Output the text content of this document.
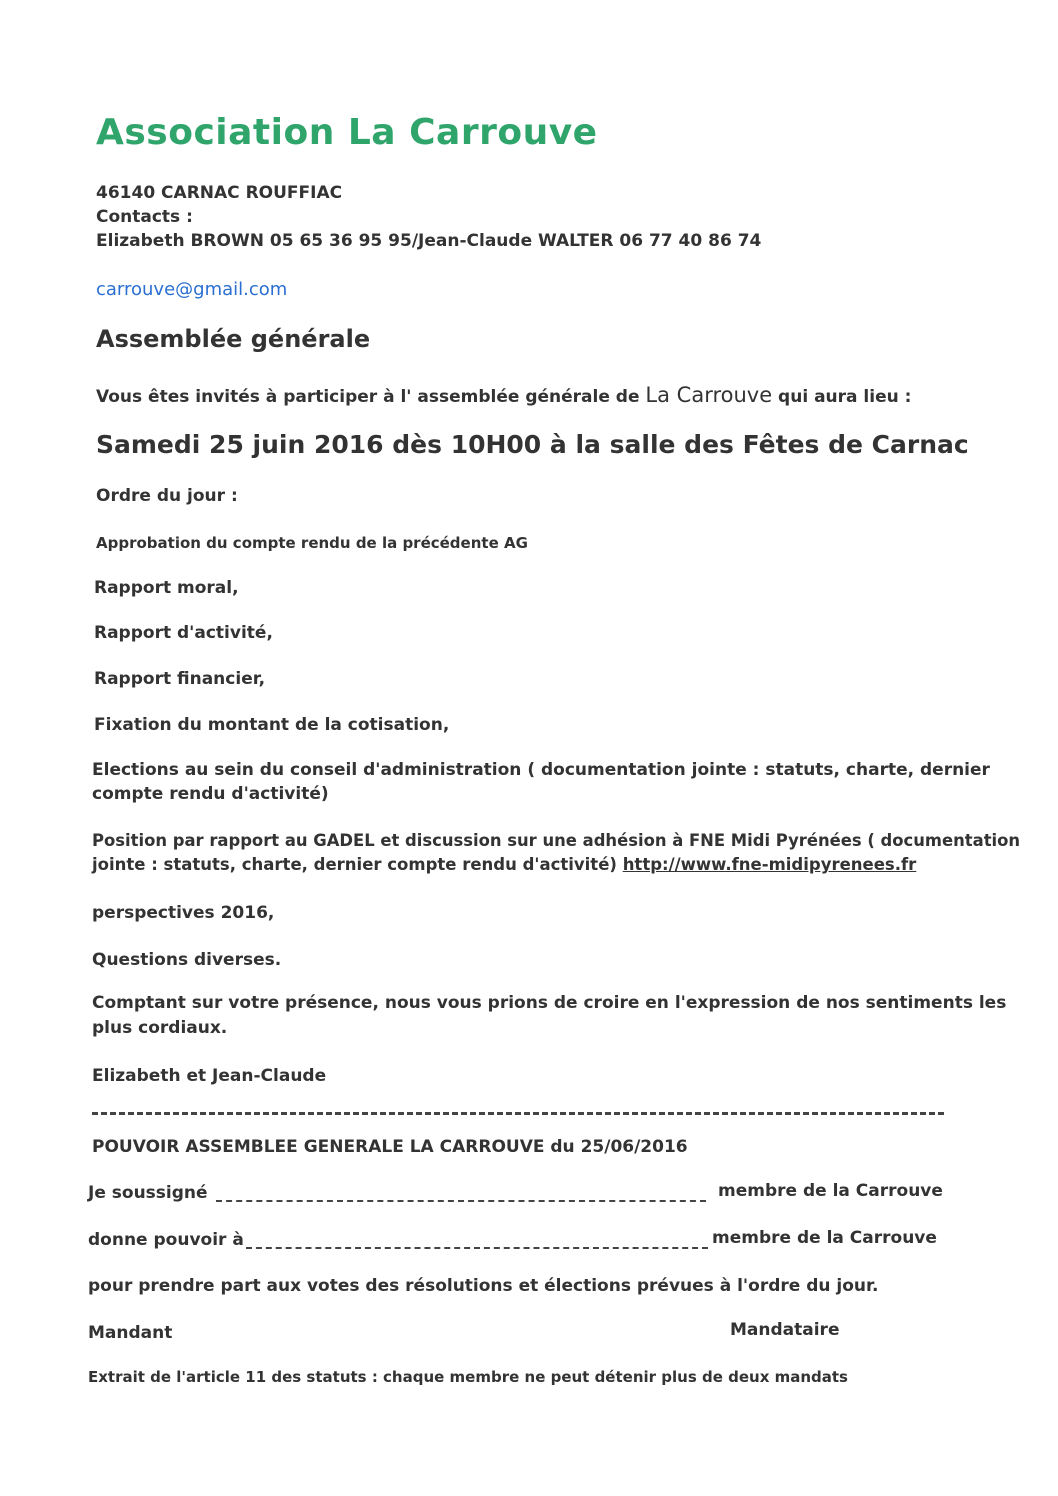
Association La Carrouve
46140 CARNAC ROUFFIAC
Contacts :
Elizabeth BROWN 05 65 36 95 95/Jean-Claude WALTER 06 77 40 86 74
carrouve@gmail.com
Assemblée générale
Vous êtes invités à participer à l' assemblée générale de La Carrouve qui aura lieu :
Samedi 25 juin 2016 dès 10H00 à la salle des Fêtes de Carnac
Ordre du jour :
Approbation du compte rendu de la précédente AG
Rapport moral,
Rapport d'activité,
Rapport financier,
Fixation du montant de la cotisation,
Elections au sein du conseil d'administration ( documentation jointe : statuts, charte, dernier
compte rendu d'activité)
Position par rapport au GADEL et discussion sur une adhésion à FNE Midi Pyrénées ( documentation
jointe : statuts, charte, dernier compte rendu d'activité) http://www.fne-midipyrenees.fr
perspectives 2016,
Questions diverses.
Comptant sur votre présence, nous vous prions de croire en l'expression de nos sentiments les
plus cordiaux.
Elizabeth et Jean-Claude
POUVOIR ASSEMBLEE GENERALE LA CARROUVE du 25/06/2016
Je soussigné	membre de la Carrouve
donne pouvoir à	membre de la Carrouve
pour prendre part aux votes des résolutions et élections prévues à l'ordre du jour.
Mandant	Mandataire
Extrait de l'article 11 des statuts : chaque membre ne peut détenir plus de deux mandats
